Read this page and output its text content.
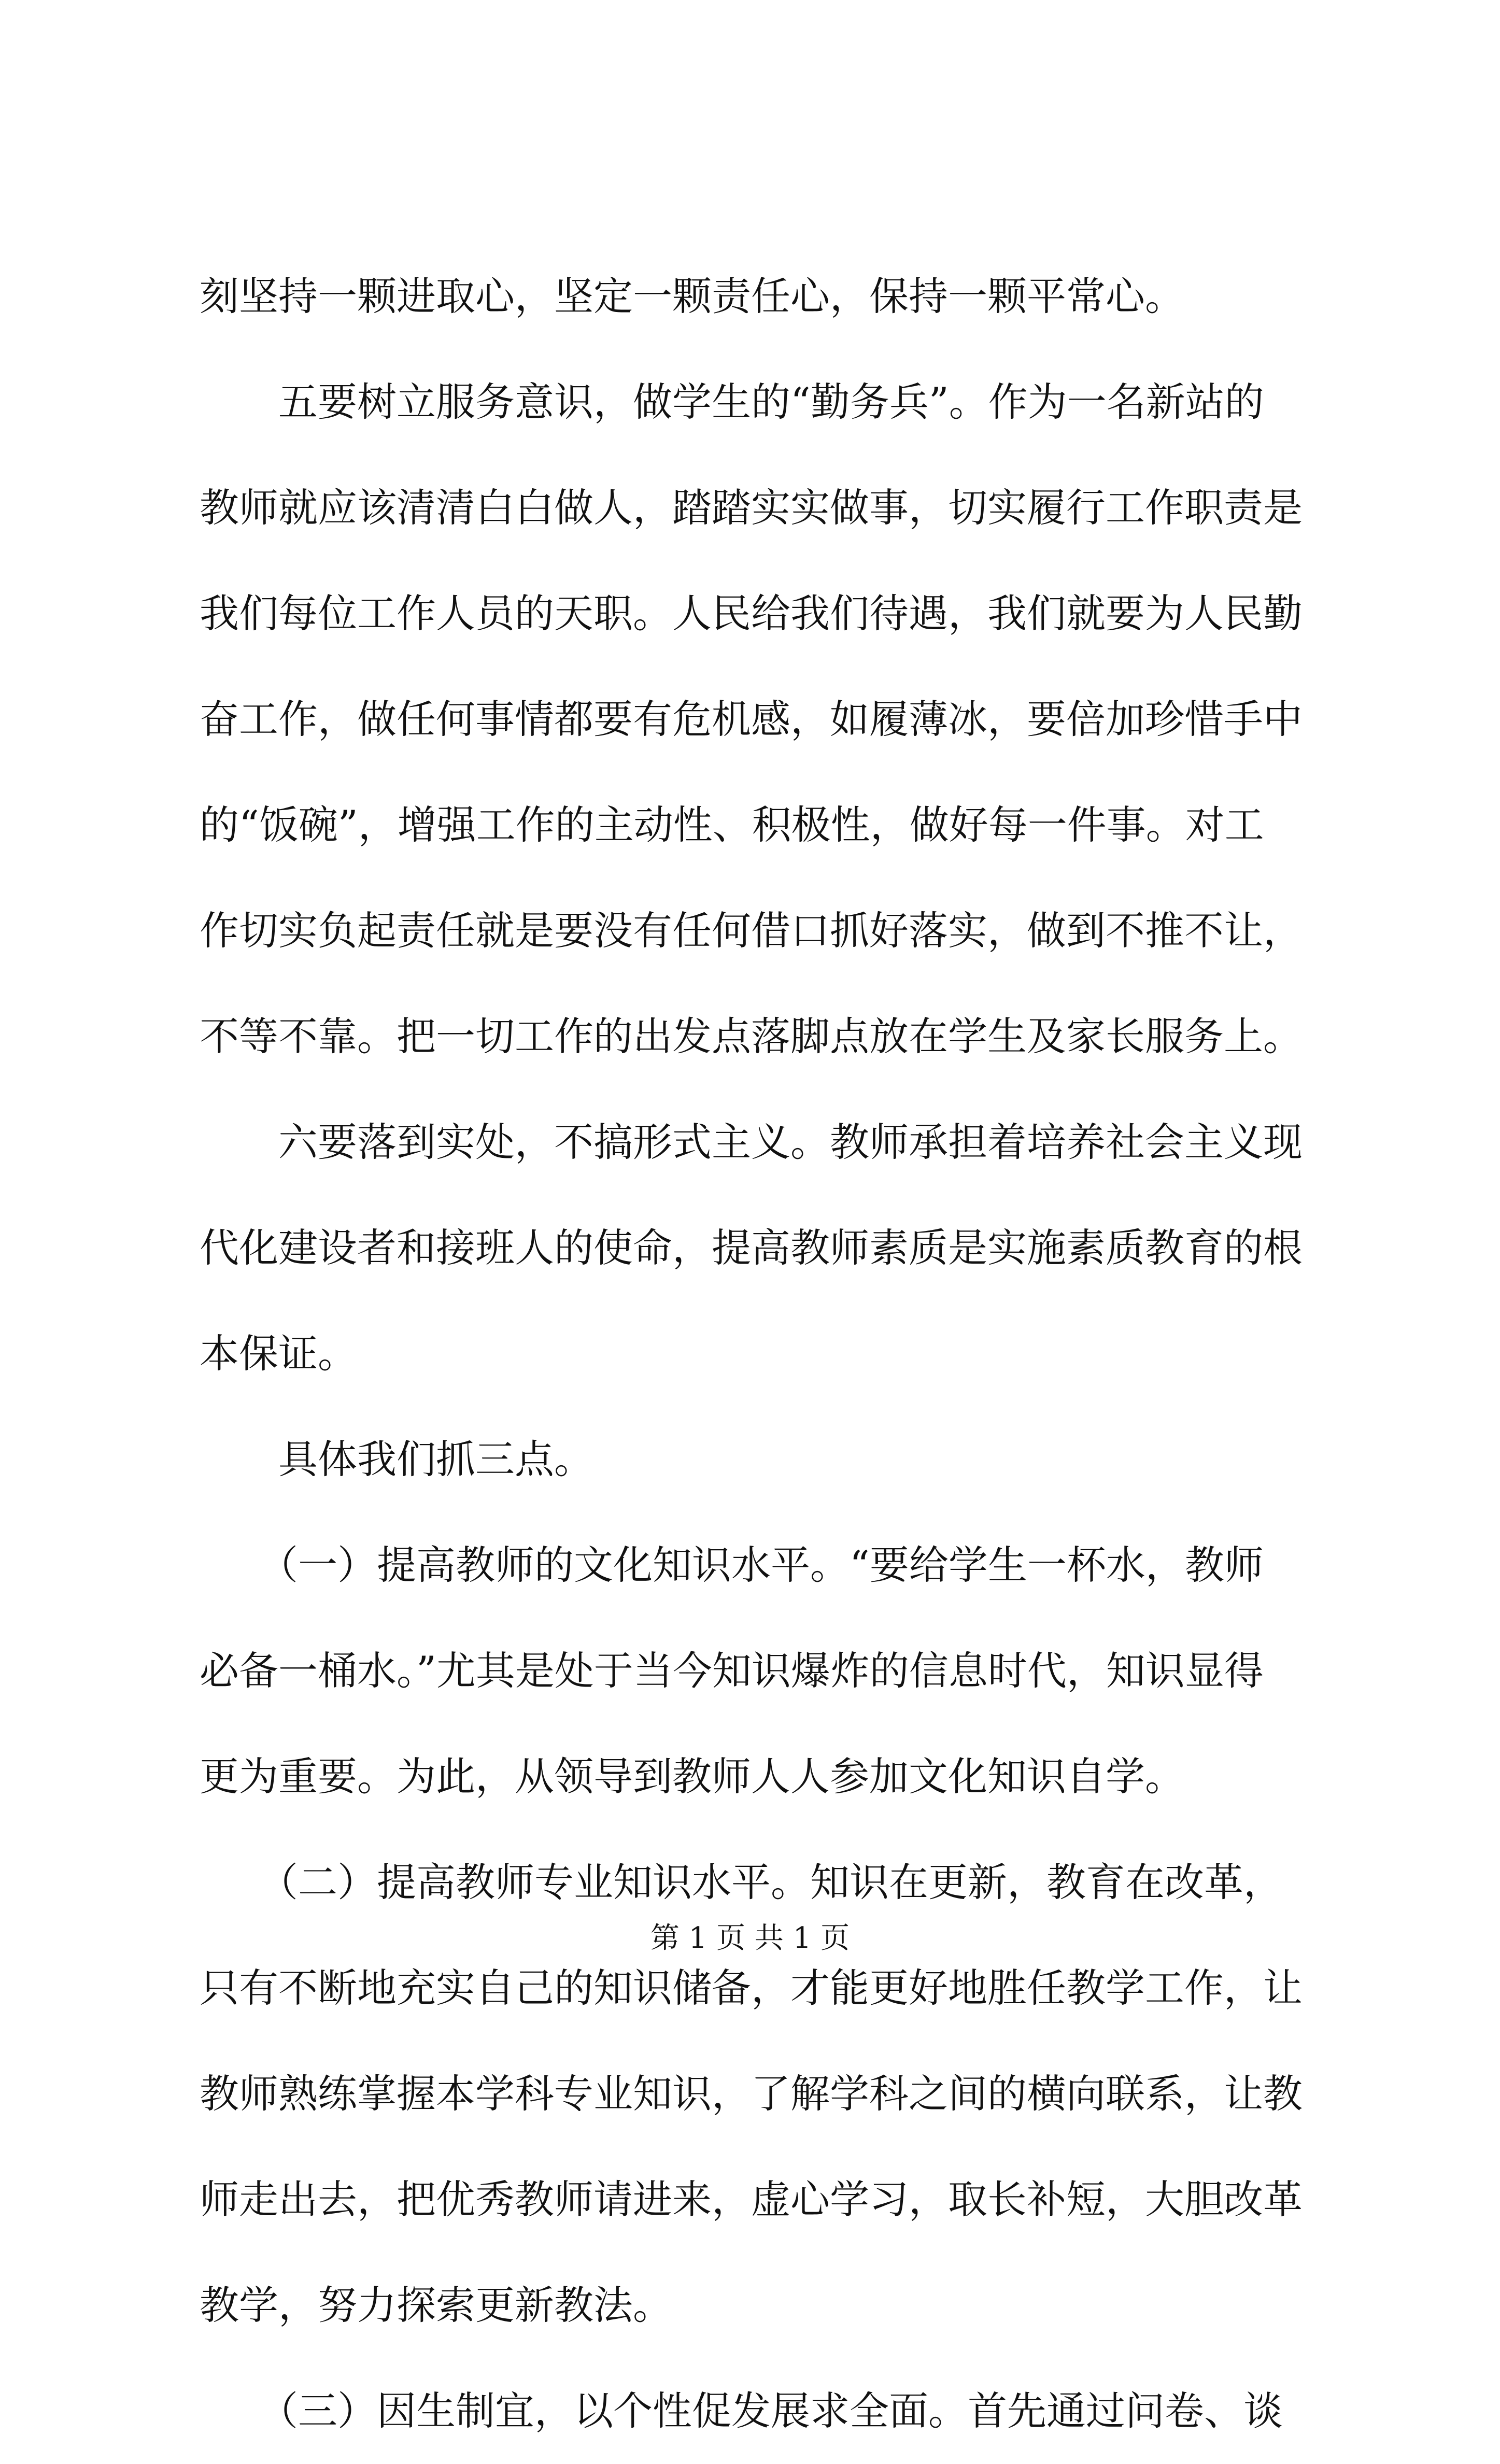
刻坚持一颗进取心，坚定一颗责任心，保持一颗平常心。
　　五要树立服务意识，做学生的“勤务兵”。作为一名新站的
教师就应该清清白白做人，踏踏实实做事，切实履行工作职责是
我们每位工作人员的天职。人民给我们待遇，我们就要为人民勤
奋工作，做任何事情都要有危机感，如履薄冰，要倍加珍惜手中
的“饭碗”，增强工作的主动性、积极性，做好每一件事。对工
作切实负起责任就是要没有任何借口抓好落实，做到不推不让，
不等不靠。把一切工作的出发点落脚点放在学生及家长服务上。
　　六要落到实处，不搞形式主义。教师承担着培养社会主义现
代化建设者和接班人的使命，提高教师素质是实施素质教育的根
本保证。
　　具体我们抓三点。
　　（一）提高教师的文化知识水平。“要给学生一杯水，教师
必备一桶水。”尤其是处于当今知识爆炸的信息时代，知识显得
更为重要。为此，从领导到教师人人参加文化知识自学。
　　（二）提高教师专业知识水平。知识在更新，教育在改革，
只有不断地充实自己的知识储备，才能更好地胜任教学工作，让
教师熟练掌握本学科专业知识，了解学科之间的横向联系，让教
师走出去，把优秀教师请进来，虚心学习，取长补短，大胆改革
教学，努力探索更新教法。
　　（三）因生制宜，以个性促发展求全面。首先通过问卷、谈
第 1 页 共 1 页
